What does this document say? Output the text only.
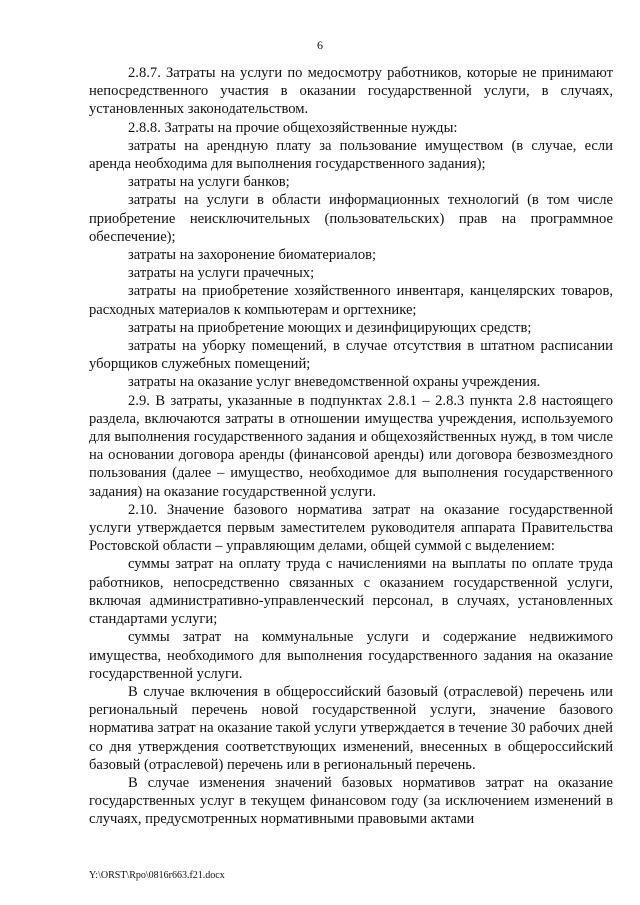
6

2.8.7. Затраты на услуги по медосмотру работников, которые не принимают непосредственного участия в оказании государственной услуги, в случаях, установленных законодательством.

2.8.8. Затраты на прочие общехозяйственные нужды:

затраты на арендную плату за пользование имуществом (в случае, если аренда необходима для выполнения государственного задания);

затраты на услуги банков;

затраты на услуги в области информационных технологий (в том числе приобретение неисключительных (пользовательских) прав на программное обеспечение);

затраты на захоронение биоматериалов;

затраты на услуги прачечных;

затраты на приобретение хозяйственного инвентаря, канцелярских товаров, расходных материалов к компьютерам и оргтехнике;

затраты на приобретение моющих и дезинфицирующих средств;

затраты на уборку помещений, в случае отсутствия в штатном расписании уборщиков служебных помещений;

затраты на оказание услуг вневедомственной охраны учреждения.

2.9. В затраты, указанные в подпунктах 2.8.1 – 2.8.3 пункта 2.8 настоящего раздела, включаются затраты в отношении имущества учреждения, используемого для выполнения государственного задания и общехозяйственных нужд, в том числе на основании договора аренды (финансовой аренды) или договора безвозмездного пользования (далее – имущество, необходимое для выполнения государственного задания) на оказание государственной услуги.

2.10. Значение базового норматива затрат на оказание государственной услуги утверждается первым заместителем руководителя аппарата Правительства Ростовской области – управляющим делами, общей суммой с выделением:

суммы затрат на оплату труда с начислениями на выплаты по оплате труда работников, непосредственно связанных с оказанием государственной услуги, включая административно-управленческий персонал, в случаях, установленных стандартами услуги;

суммы затрат на коммунальные услуги и содержание недвижимого имущества, необходимого для выполнения государственного задания на оказание государственной услуги.

В случае включения в общероссийский базовый (отраслевой) перечень или региональный перечень новой государственной услуги, значение базового норматива затрат на оказание такой услуги утверждается в течение 30 рабочих дней со дня утверждения соответствующих изменений, внесенных в общероссийский базовый (отраслевой) перечень или в региональный перечень.

В случае изменения значений базовых нормативов затрат на оказание государственных услуг в текущем финансовом году (за исключением изменений в случаях, предусмотренных нормативными правовыми актами

Y:\ORST\Rpo\0816r663.f21.docx
